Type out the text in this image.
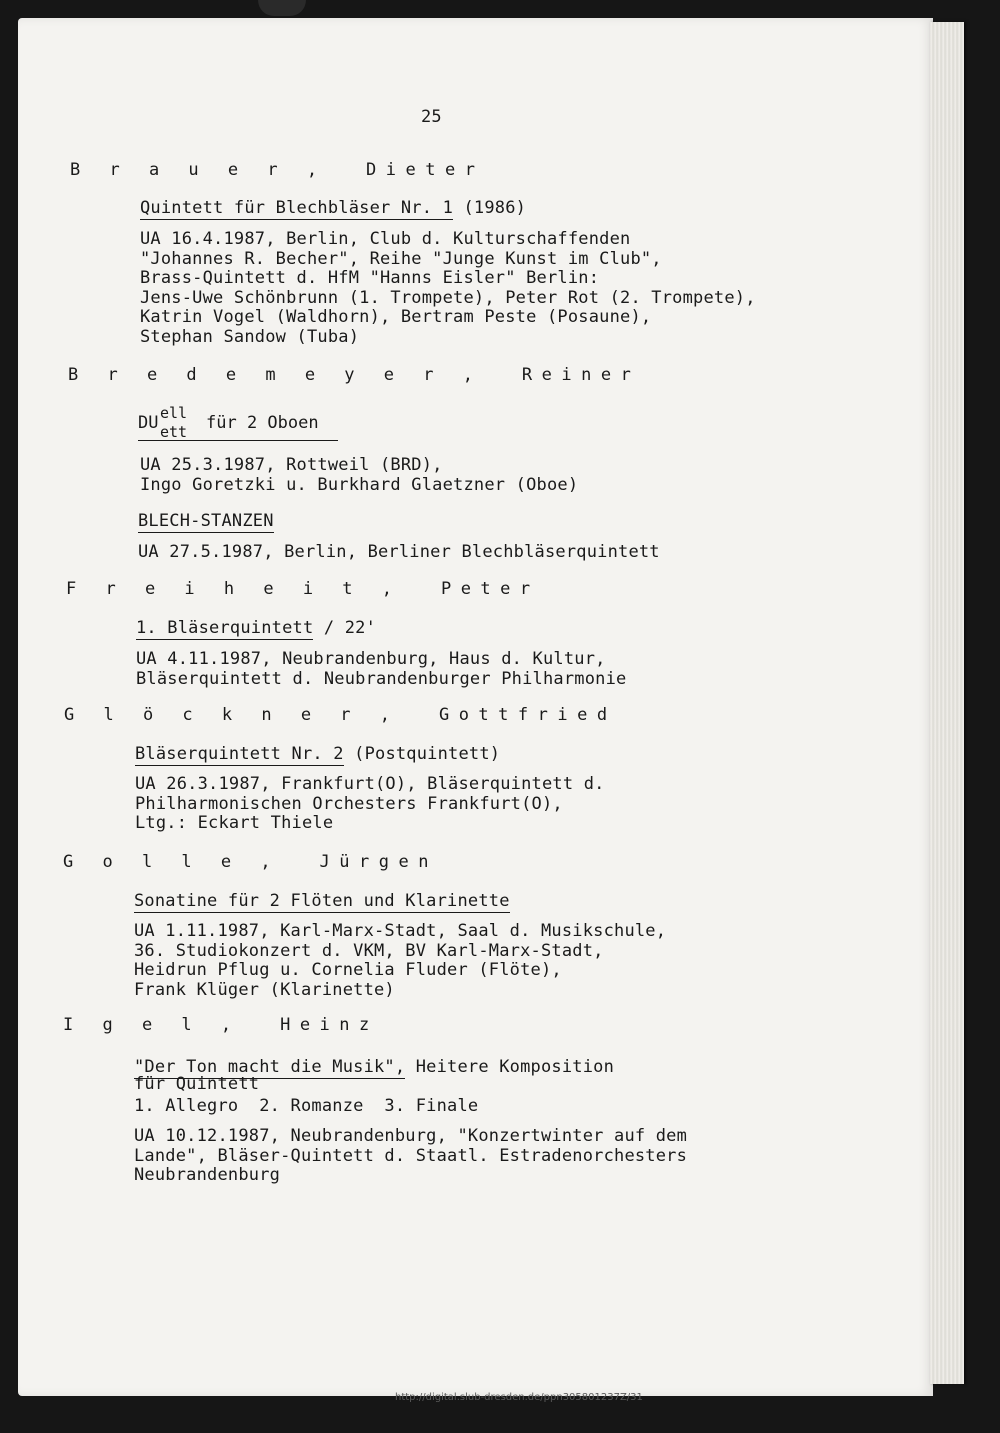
25
B r a u e r ,  Dieter
Quintett für Blechbläser Nr. 1 (1986)
UA 16.4.1987, Berlin, Club d. Kulturschaffenden
"Johannes R. Becher", Reihe "Junge Kunst im Club",
Brass-Quintett d. HfM "Hanns Eisler" Berlin:
Jens-Uwe Schönbrunn (1. Trompete), Peter Rot (2. Trompete),
Katrin Vogel (Waldhorn), Bertram Peste (Posaune),
Stephan Sandow (Tuba)
B r e d e m e y e r ,  Reiner

DU

ell

ett

für 2 Oboen

UA 25.3.1987, Rottweil (BRD),
Ingo Goretzki u. Burkhard Glaetzner (Oboe)
BLECH-STANZEN
UA 27.5.1987, Berlin, Berliner Blechbläserquintett
F r e i h e i t ,  Peter
1. Bläserquintett / 22'
UA 4.11.1987, Neubrandenburg, Haus d. Kultur,
Bläserquintett d. Neubrandenburger Philharmonie
G l ö c k n e r ,  Gottfried
Bläserquintett Nr. 2 (Postquintett)
UA 26.3.1987, Frankfurt(O), Bläserquintett d.
Philharmonischen Orchesters Frankfurt(O),
Ltg.: Eckart Thiele
G o l l e ,  Jürgen
Sonatine für 2 Flöten und Klarinette
UA 1.11.1987, Karl-Marx-Stadt, Saal d. Musikschule,
36. Studiokonzert d. VKM, BV Karl-Marx-Stadt,
Heidrun Pflug u. Cornelia Fluder (Flöte),
Frank Klüger (Klarinette)
I g e l ,  Heinz
"Der Ton macht die Musik", Heitere Komposition
für Quintett
1. Allegro  2. Romanze  3. Finale
UA 10.12.1987, Neubrandenburg, "Konzertwinter auf dem
Lande", Bläser-Quintett d. Staatl. Estradenorchesters
Neubrandenburg
http://digital.slub-dresden.de/ppn305801237Z/31
